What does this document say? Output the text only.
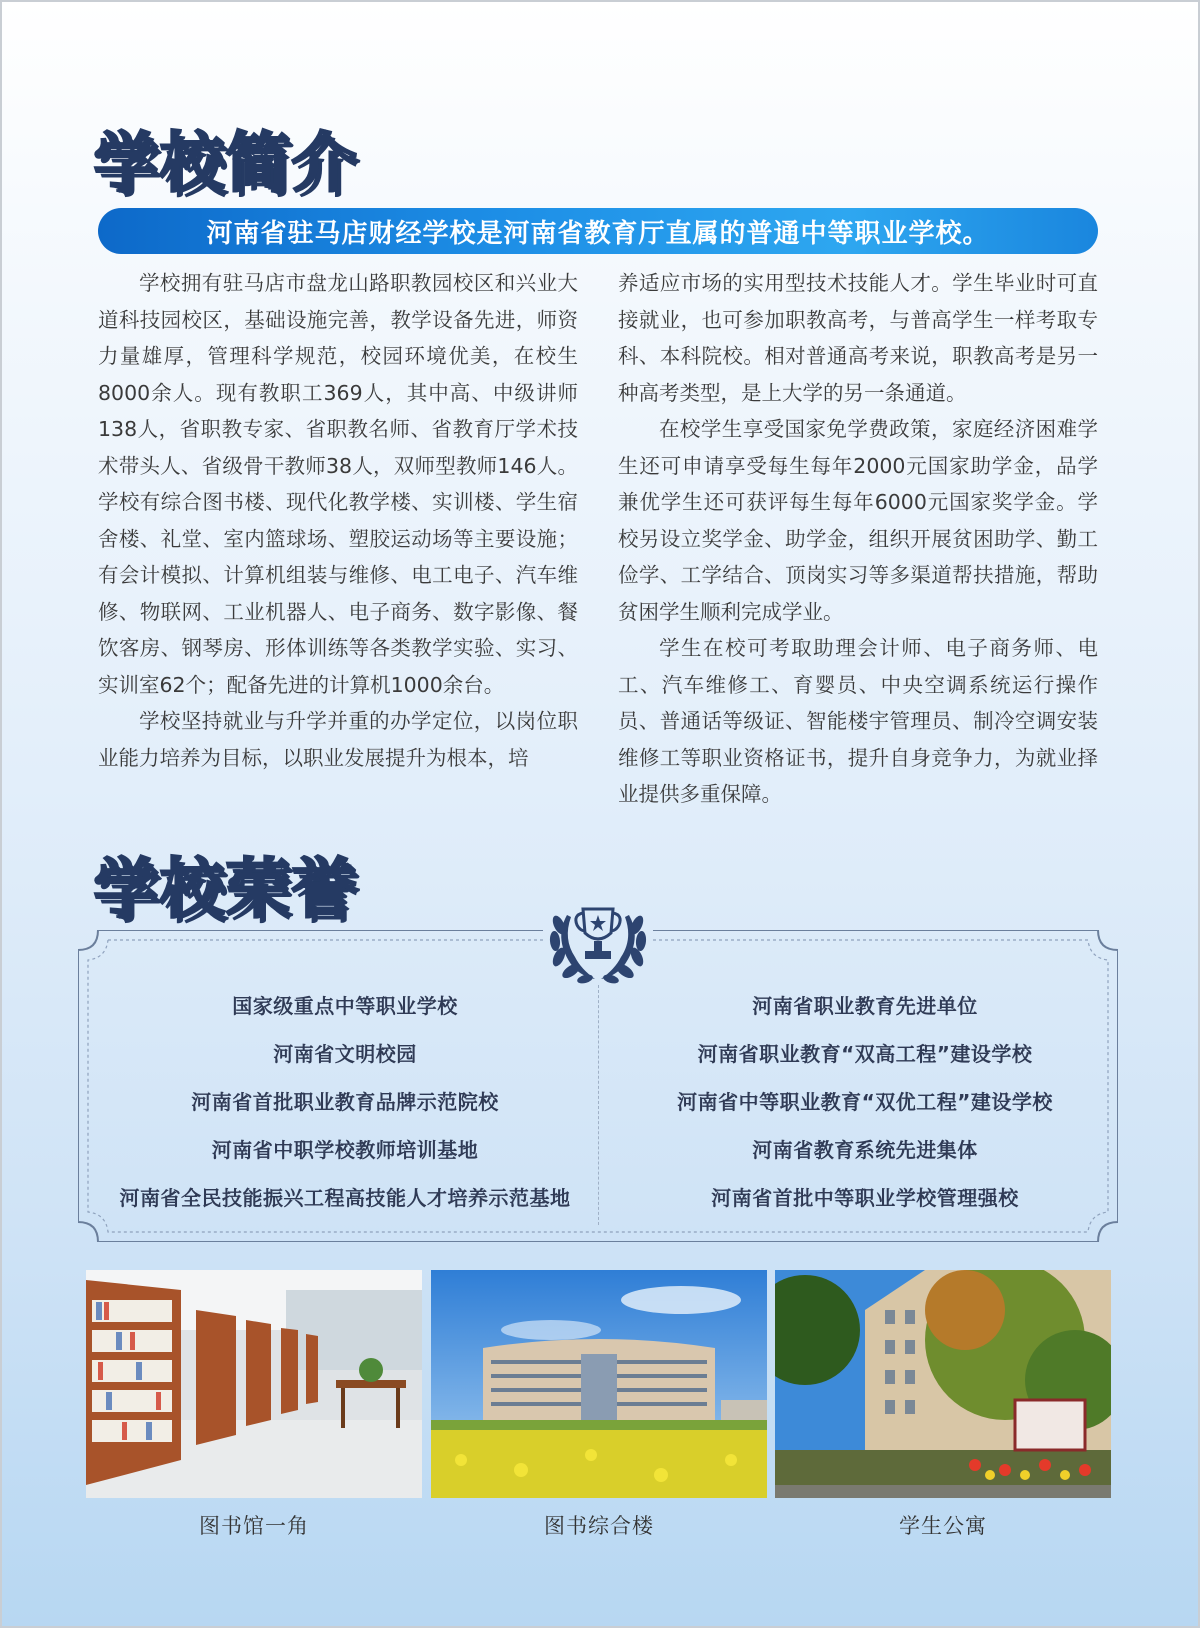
学校简介
河南省驻马店财经学校是河南省教育厅直属的普通中等职业学校。

学校拥有驻马店市盘龙山路职教园校区和兴业大道科技园校区，基础设施完善，教学设备先进，师资力量雄厚，管理科学规范，校园环境优美，在校生8000余人。现有教职工369人，其中高、中级讲师138人，省职教专家、省职教名师、省教育厅学术技术带头人、省级骨干教师38人，双师型教师146人。学校有综合图书楼、现代化教学楼、实训楼、学生宿舍楼、礼堂、室内篮球场、塑胶运动场等主要设施；有会计模拟、计算机组装与维修、电工电子、汽车维修、物联网、工业机器人、电子商务、数字影像、餐饮客房、钢琴房、形体训练等各类教学实验、实习、实训室62个；配备先进的计算机1000余台。

学校坚持就业与升学并重的办学定位，以岗位职业能力培养为目标，以职业发展提升为根本，培

养适应市场的实用型技术技能人才。学生毕业时可直接就业，也可参加职教高考，与普高学生一样考取专科、本科院校。相对普通高考来说，职教高考是另一种高考类型，是上大学的另一条通道。

在校学生享受国家免学费政策，家庭经济困难学生还可申请享受每生每年2000元国家助学金，品学兼优学生还可获评每生每年6000元国家奖学金。学校另设立奖学金、助学金，组织开展贫困助学、勤工俭学、工学结合、顶岗实习等多渠道帮扶措施，帮助贫困学生顺利完成学业。

学生在校可考取助理会计师、电子商务师、电工、汽车维修工、育婴员、中央空调系统运行操作员、普通话等级证、智能楼宇管理员、制冷空调安装维修工等职业资格证书，提升自身竞争力，为就业择业提供多重保障。

学校荣誉
国家级重点中等职业学校
河南省文明校园
河南省首批职业教育品牌示范院校
河南省中职学校教师培训基地
河南省全民技能振兴工程高技能人才培养示范基地
河南省职业教育先进单位
河南省职业教育“双高工程”建设学校
河南省中等职业教育“双优工程”建设学校
河南省教育系统先进集体
河南省首批中等职业学校管理强校
图书馆一角	图书综合楼	学生公寓
